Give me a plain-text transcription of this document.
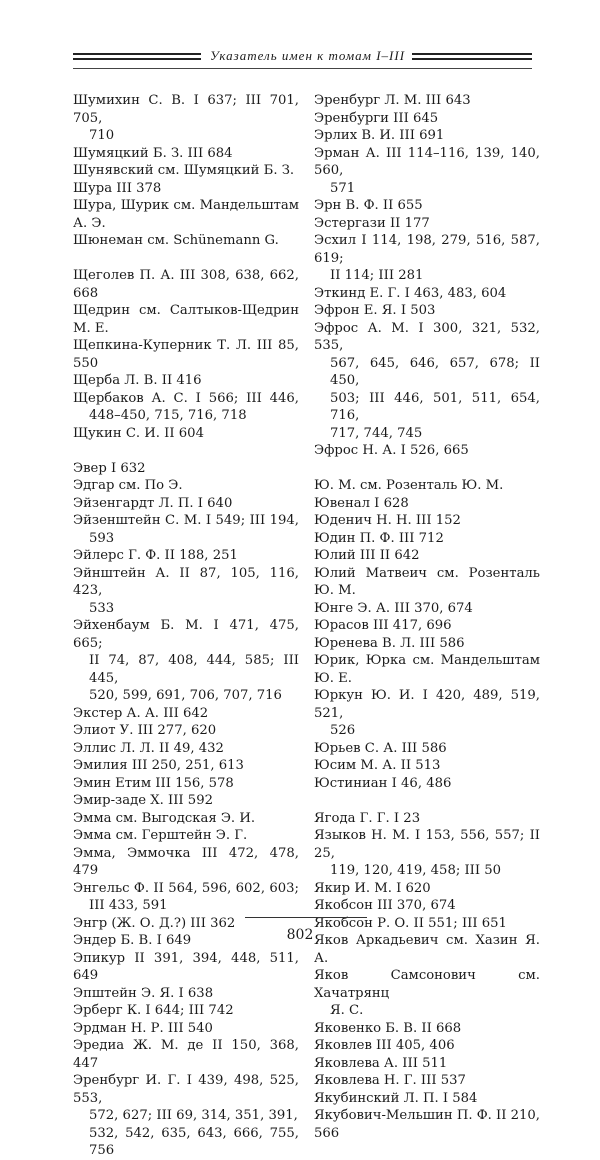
Указатель имен к томам I–III
Шумихин С. В. I 637; III 701, 705,
710
Шумяцкий Б. З. III 684
Шунявский см. Шумяцкий Б. З.
Шура III 378
Шура, Шурик см. Мандельштам А. Э.
Шюнеман см. Schünemann G.
Щеголев П. А. III 308, 638, 662, 668
Щедрин см. Салтыков-Щедрин М. Е.
Щепкина-Куперник Т. Л. III 85, 550
Щерба Л. В. II 416
Щербаков А. С. I 566; III 446,
448–450, 715, 716, 718
Щукин С. И. II 604
Эвер I 632
Эдгар см. По Э.
Эйзенгардт Л. П. I 640
Эйзенштейн С. М. I 549; III 194,
593
Эйлерс Г. Ф. II 188, 251
Эйнштейн А. II 87, 105, 116, 423,
533
Эйхенбаум Б. М. I 471, 475, 665;
II 74, 87, 408, 444, 585; III 445,
520, 599, 691, 706, 707, 716
Экстер А. А. III 642
Элиот У. III 277, 620
Эллис Л. Л. II 49, 432
Эмилия III 250, 251, 613
Эмин Етим III 156, 578
Эмир-заде Х. III 592
Эмма см. Выгодская Э. И.
Эмма см. Герштейн Э. Г.
Эмма, Эммочка III 472, 478, 479
Энгельс Ф. II 564, 596, 602, 603;
III 433, 591
Энгр (Ж. О. Д.?) III 362
Эндер Б. В. I 649
Эпикур II 391, 394, 448, 511, 649
Эпштейн Э. Я. I 638
Эрберг К. I 644; III 742
Эрдман Н. Р. III 540
Эредиа Ж. М. де II 150, 368, 447
Эренбург И. Г. I 439, 498, 525, 553,
572, 627; III 69, 314, 351, 391,
532, 542, 635, 643, 666, 755, 756
Эренбург Л. М. III 643
Эренбурги III 645
Эрлих В. И. III 691
Эрман А. III 114–116, 139, 140, 560,
571
Эрн В. Ф. II 655
Эстергази II 177
Эсхил I 114, 198, 279, 516, 587, 619;
II 114; III 281
Эткинд Е. Г. I 463, 483, 604
Эфрон Е. Я. I 503
Эфрос А. М. I 300, 321, 532, 535,
567, 645, 646, 657, 678; II 450,
503; III 446, 501, 511, 654, 716,
717, 744, 745
Эфрос Н. А. I 526, 665
Ю. М. см. Розенталь Ю. М.
Ювенал I 628
Юденич Н. Н. III 152
Юдин П. Ф. III 712
Юлий III II 642
Юлий Матвеич см. Розенталь Ю. М.
Юнге Э. А. III 370, 674
Юрасов III 417, 696
Юренева В. Л. III 586
Юрик, Юрка см. Мандельштам Ю. Е.
Юркун Ю. И. I 420, 489, 519, 521,
526
Юрьев С. А. III 586
Юсим М. А. II 513
Юстиниан I 46, 486
Ягода Г. Г. I 23
Языков Н. М. I 153, 556, 557; II 25,
119, 120, 419, 458; III 50
Якир И. М. I 620
Якобсон III 370, 674
Якобсон Р. О. II 551; III 651
Яков Аркадьевич см. Хазин Я. А.
Яков Самсонович см. Хачатрянц
Я. С.
Яковенко Б. В. II 668
Яковлев III 405, 406
Яковлева А. III 511
Яковлева Н. Г. III 537
Якубинский Л. П. I 584
Якубович-Мельшин П. Ф. II 210, 566
802
